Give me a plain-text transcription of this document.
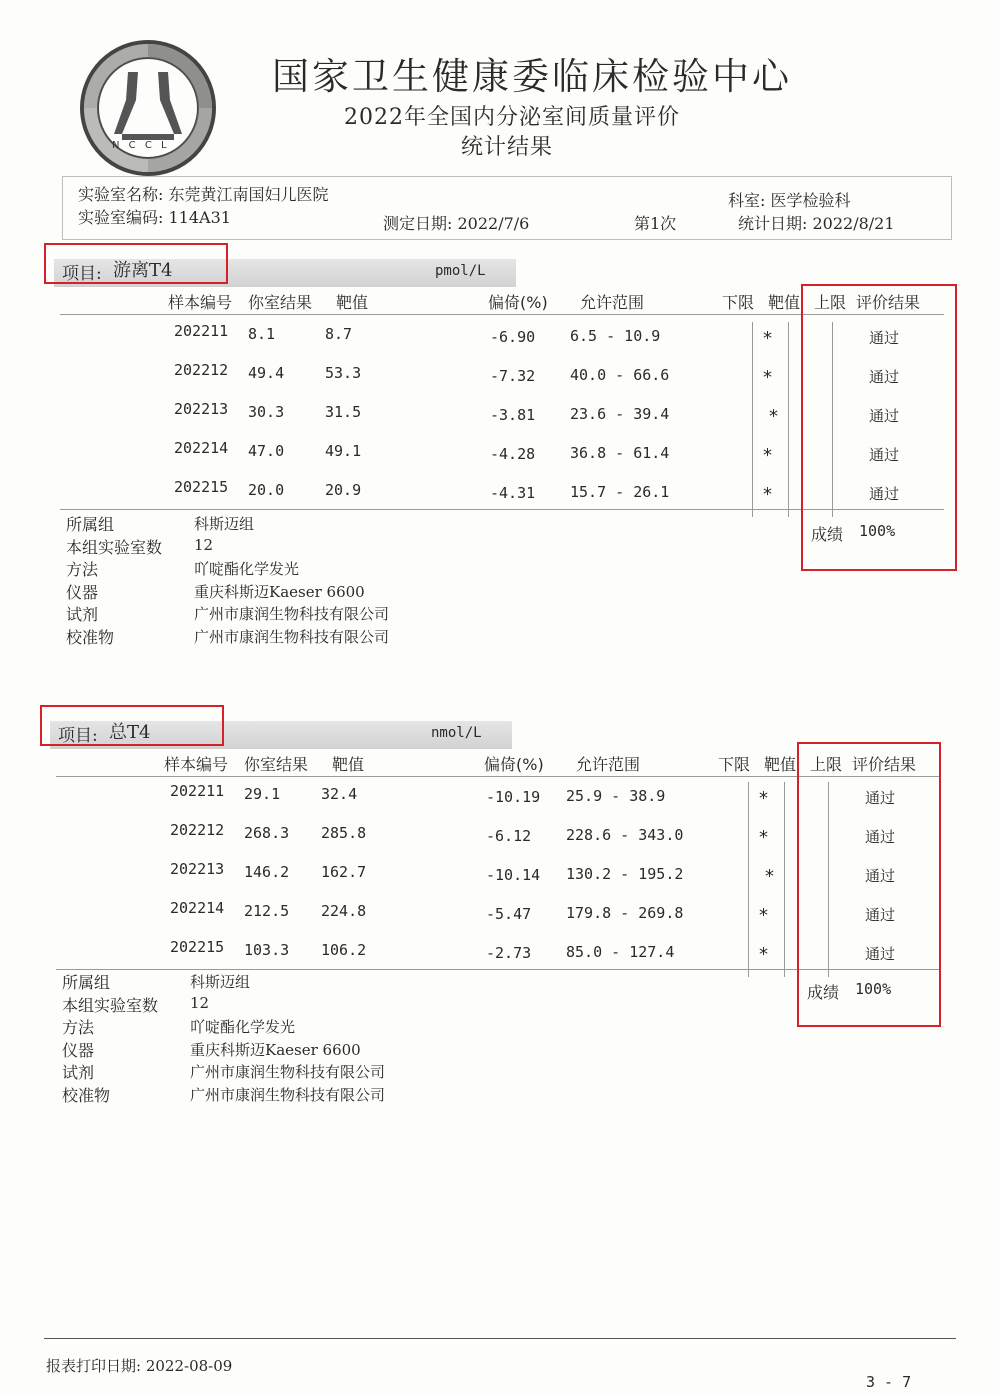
N C C L
国家卫生健康委临床检验中心
2022年全国内分泌室间质量评价
统计结果
实验室名称: 东莞黄江南国妇儿医院
实验室编码: 114A31	测定日期: 2022/7/6	第1次
科室: 医学检验科
统计日期: 2022/8/21
项目: 游离T4	pmol/L
样本编号 你室结果 靶值	偏倚(%) 允许范围	下限 靶值 上限 评价结果
202211 8.1	8.7	-6.90 6.5 - 10.9	*	通过
202212 49.4	53.3	-7.32 40.0 - 66.6	*	通过
202213 30.3	31.5	-3.81 23.6 - 39.4	*	通过
202214 47.0	49.1	-4.28 36.8 - 61.4	*	通过
202215 20.0	20.9	-4.31 15.7 - 26.1	*	通过
成绩 100%
所属组	科斯迈组
本组实验室数 12
方法	吖啶酯化学发光
仪器	重庆科斯迈Kaeser 6600
试剂	广州市康润生物科技有限公司
校准物	广州市康润生物科技有限公司
项目: 总T4	nmol/L
样本编号 你室结果 靶值	偏倚(%) 允许范围	下限 靶值 上限 评价结果
202211 29.1	32.4	-10.19 25.9 - 38.9	*	通过
202212 268.3 285.8	-6.12 228.6 - 343.0	*	通过
202213 146.2 162.7	-10.14 130.2 - 195.2	*	通过
202214 212.5 224.8	-5.47 179.8 - 269.8	*	通过
202215 103.3 106.2	-2.73 85.0 - 127.4	*	通过
成绩 100%
所属组	科斯迈组
本组实验室数 12
方法	吖啶酯化学发光
仪器	重庆科斯迈Kaeser 6600
试剂	广州市康润生物科技有限公司
校准物	广州市康润生物科技有限公司
报表打印日期: 2022-08-09
3 - 7
